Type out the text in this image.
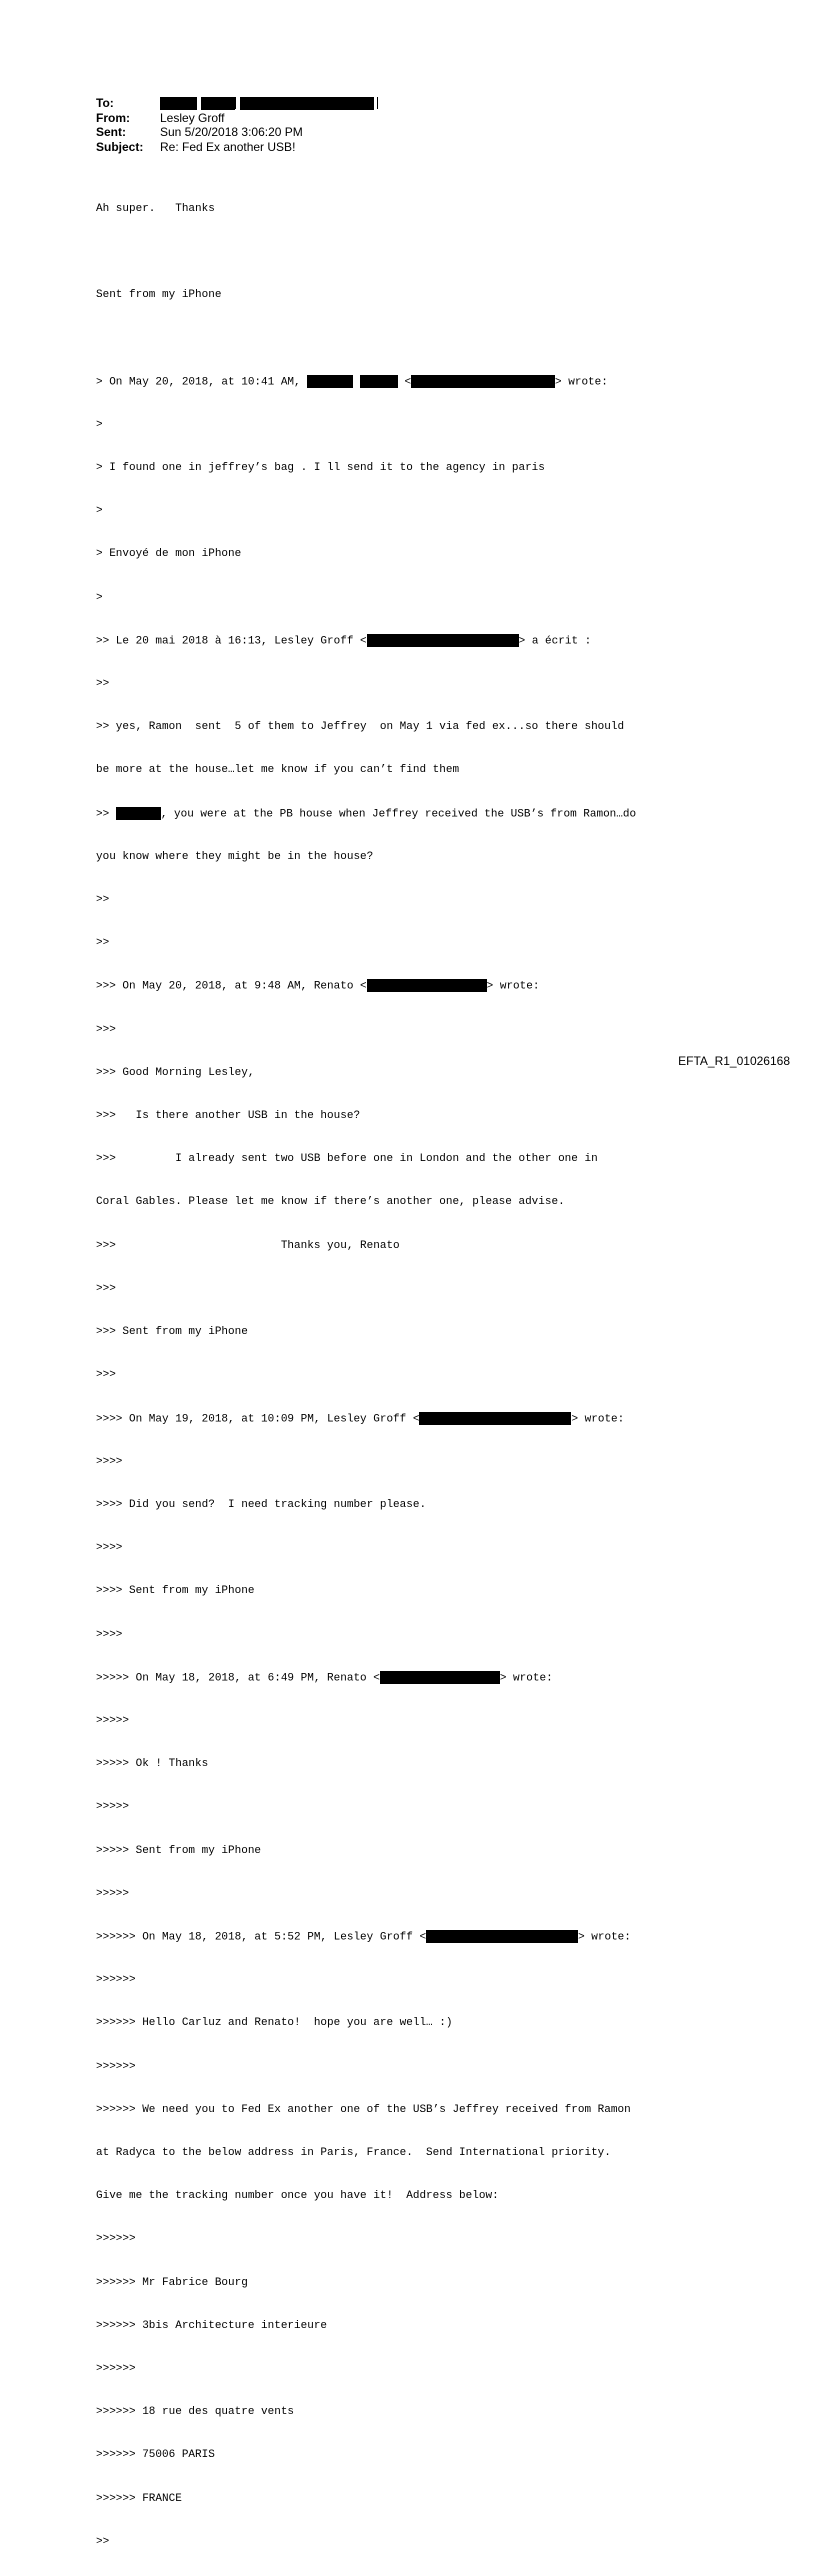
To:
From:	Lesley Groff
Sent:	Sun 5/20/2018 3:06:20 PM
Subject:	Re: Fed Ex another USB!

Ah super.   Thanks

Sent from my iPhone

> On May 20, 2018, at 10:41 AM,	<	> wrote:

>

> I found one in jeffrey’s bag . I ll send it to the agency in paris

>

> Envoyé de mon iPhone

>

>> Le 20 mai 2018 à 16:13, Lesley Groff <	> a écrit :

>>

>> yes, Ramon  sent  5 of them to Jeffrey  on May 1 via fed ex...so there should

be more at the house…let me know if you can’t find them

>>	, you were at the PB house when Jeffrey received the USB’s from Ramon…do

you know where they might be in the house?

>>

>>

>>> On May 20, 2018, at 9:48 AM, Renato <	> wrote:

>>>

>>> Good Morning Lesley,

>>>   Is there another USB in the house?

>>>         I already sent two USB before one in London and the other one in

Coral Gables. Please let me know if there’s another one, please advise.

>>>                         Thanks you, Renato

>>>

>>> Sent from my iPhone

>>>

>>>> On May 19, 2018, at 10:09 PM, Lesley Groff <	> wrote:

>>>>

>>>> Did you send?  I need tracking number please.

>>>>

>>>> Sent from my iPhone

>>>>

>>>>> On May 18, 2018, at 6:49 PM, Renato <	> wrote:

>>>>>

>>>>> Ok ! Thanks

>>>>>

>>>>> Sent from my iPhone

>>>>>

>>>>>> On May 18, 2018, at 5:52 PM, Lesley Groff <	> wrote:

>>>>>>

>>>>>> Hello Carluz and Renato!  hope you are well… :)

>>>>>>

>>>>>> We need you to Fed Ex another one of the USB’s Jeffrey received from Ramon

at Radyca to the below address in Paris, France.  Send International priority.

Give me the tracking number once you have it!  Address below:

>>>>>>

>>>>>> Mr Fabrice Bourg

>>>>>> 3bis Architecture interieure

>>>>>>

>>>>>> 18 rue des quatre vents

>>>>>> 75006 PARIS

>>>>>> FRANCE

>>

EFTA_R1_01026168
